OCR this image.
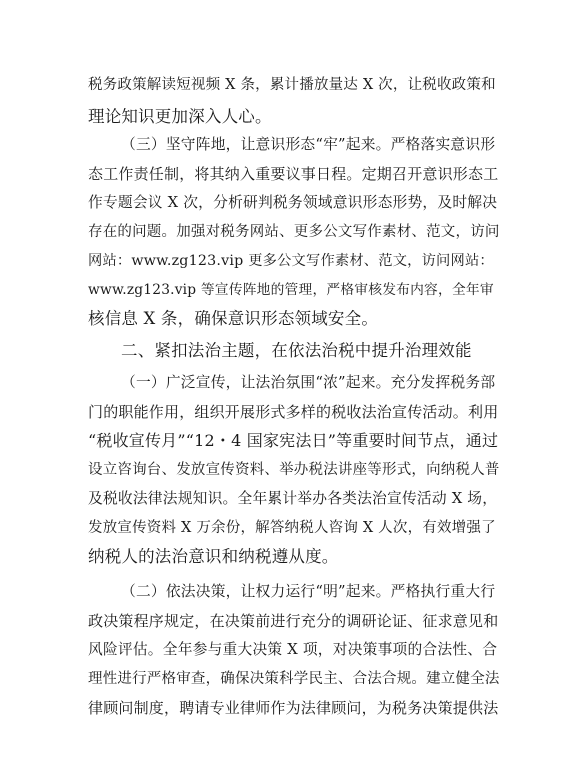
税务政策解读短视频 X 条，累计播放量达 X 次，让税收政策和
理论知识更加深入人心。
（三）坚守阵地，让意识形态“牢”起来。严格落实意识形
态工作责任制，将其纳入重要议事日程。定期召开意识形态工
作专题会议 X 次，分析研判税务领域意识形态形势，及时解决
存在的问题。加强对税务网站、更多公文写作素材、范文，访问
网站：www.zg123.vip 更多公文写作素材、范文，访问网站：
www.zg123.vip 等宣传阵地的管理，严格审核发布内容，全年审
核信息 X 条，确保意识形态领域安全。
二、紧扣法治主题，在依法治税中提升治理效能
（一）广泛宣传，让法治氛围“浓”起来。充分发挥税务部
门的职能作用，组织开展形式多样的税收法治宣传活动。利用
“税收宣传月”“12・4 国家宪法日”等重要时间节点，通过
设立咨询台、发放宣传资料、举办税法讲座等形式，向纳税人普
及税收法律法规知识。全年累计举办各类法治宣传活动 X 场，
发放宣传资料 X 万余份，解答纳税人咨询 X 人次，有效增强了
纳税人的法治意识和纳税遵从度。
（二）依法决策，让权力运行“明”起来。严格执行重大行
政决策程序规定，在决策前进行充分的调研论证、征求意见和
风险评估。全年参与重大决策 X 项，对决策事项的合法性、合
理性进行严格审查，确保决策科学民主、合法合规。建立健全法
律顾问制度，聘请专业律师作为法律顾问，为税务决策提供法
